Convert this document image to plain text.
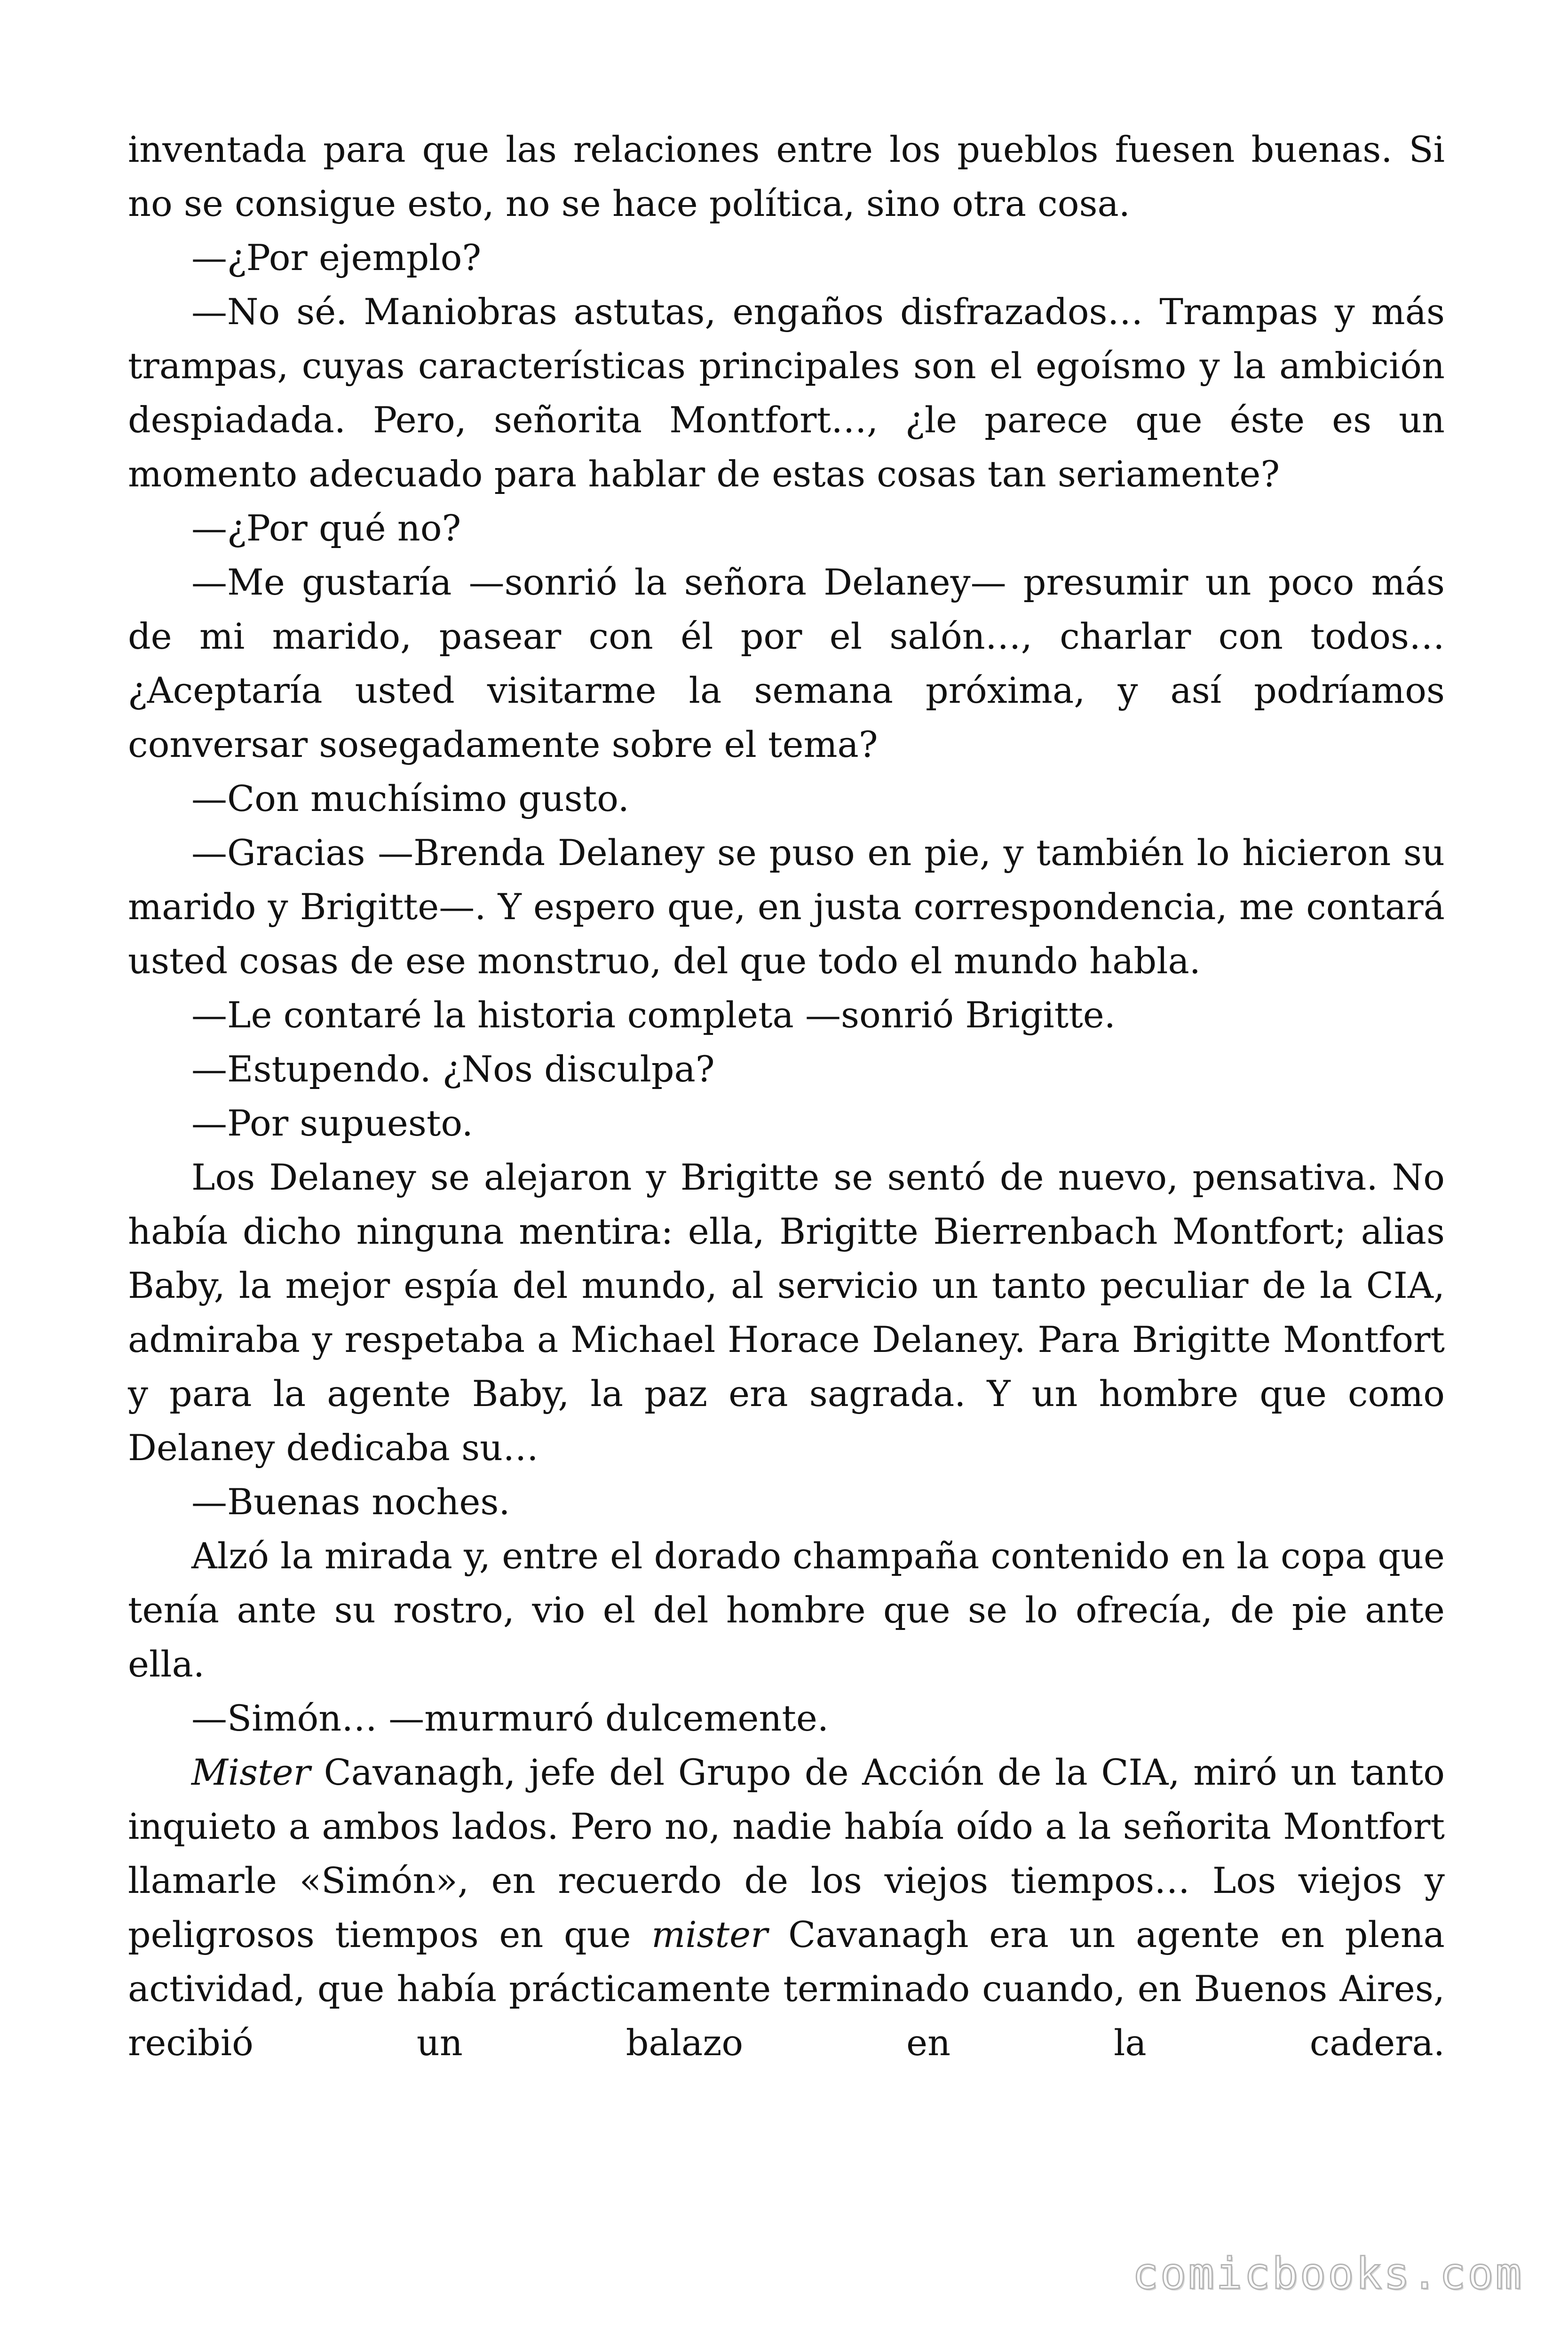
inventada para que las relaciones entre los pueblos fuesen buenas. Si no se consigue esto, no se hace política, sino otra cosa.

—¿Por ejemplo?

—No sé. Maniobras astutas, engaños disfrazados… Trampas y más trampas, cuyas características principales son el egoísmo y la ambición despiadada. Pero, señorita Montfort…, ¿le parece que éste es un momento adecuado para hablar de estas cosas tan seriamente?

—¿Por qué no?

—Me gustaría —sonrió la señora Delaney— presumir un poco más de mi marido, pasear con él por el salón…, charlar con todos… ¿Aceptaría usted visitarme la semana próxima, y así podríamos conversar sosegadamente sobre el tema?

—Con muchísimo gusto.

—Gracias —Brenda Delaney se puso en pie, y también lo hicieron su marido y Brigitte—. Y espero que, en justa correspondencia, me contará usted cosas de ese monstruo, del que todo el mundo habla.

—Le contaré la historia completa —sonrió Brigitte.

—Estupendo. ¿Nos disculpa?

—Por supuesto.

Los Delaney se alejaron y Brigitte se sentó de nuevo, pensativa. No había dicho ninguna mentira: ella, Brigitte Bierrenbach Montfort; alias Baby, la mejor espía del mundo, al servicio un tanto peculiar de la CIA, admiraba y respetaba a Michael Horace Delaney. Para Brigitte Montfort y para la agente Baby, la paz era sagrada. Y un hombre que como Delaney dedicaba su…

—Buenas noches.

Alzó la mirada y, entre el dorado champaña contenido en la copa que tenía ante su rostro, vio el del hombre que se lo ofrecía, de pie ante ella.

—Simón… —murmuró dulcemente.

Mister Cavanagh, jefe del Grupo de Acción de la CIA, miró un tanto inquieto a ambos lados. Pero no, nadie había oído a la señorita Montfort llamarle «Simón», en recuerdo de los viejos tiempos… Los viejos y peligrosos tiempos en que mister Cavanagh era un agente en plena actividad, que había prácticamente terminado cuando, en Buenos Aires, recibió un balazo en la cadera.

comicbooks.com
